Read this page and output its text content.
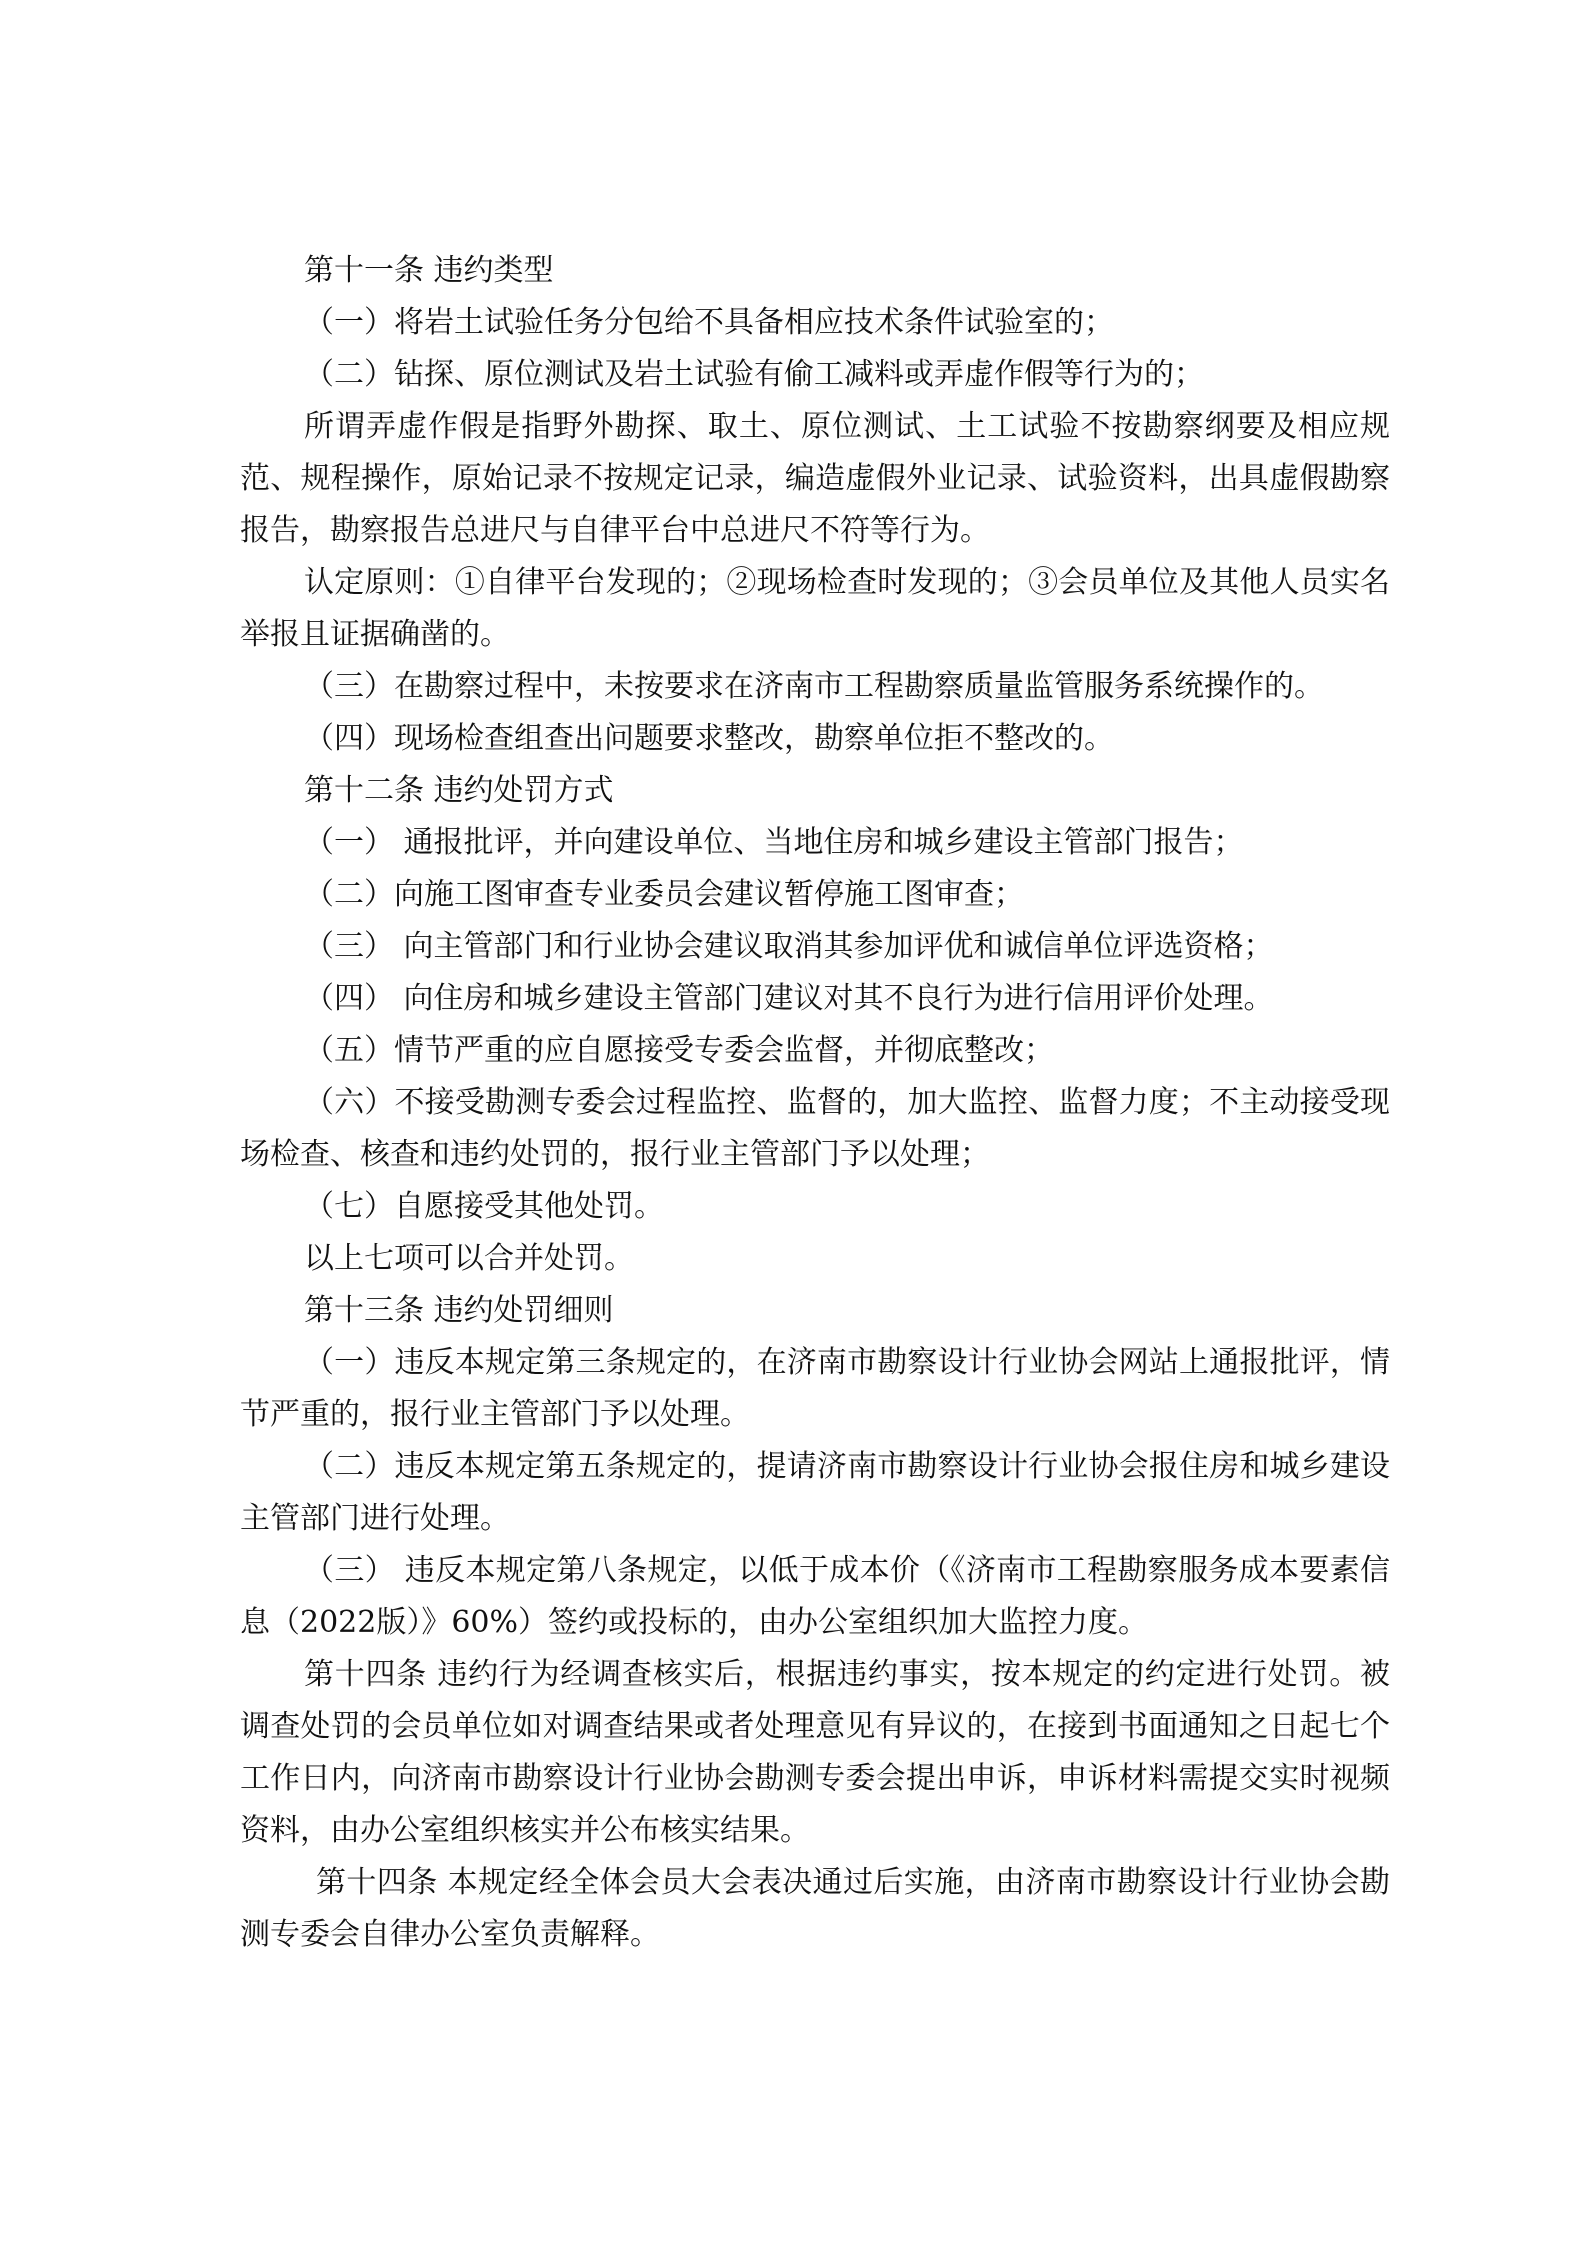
第十一条 违约类型

（一）将岩土试验任务分包给不具备相应技术条件试验室的；

（二）钻探、原位测试及岩土试验有偷工减料或弄虚作假等行为的；

所谓弄虚作假是指野外勘探、取土、原位测试、土工试验不按勘察纲要及相应规范、规程操作，原始记录不按规定记录，编造虚假外业记录、试验资料，出具虚假勘察报告，勘察报告总进尺与自律平台中总进尺不符等行为。

认定原则：①自律平台发现的；②现场检查时发现的；③会员单位及其他人员实名举报且证据确凿的。

（三）在勘察过程中，未按要求在济南市工程勘察质量监管服务系统操作的。

（四）现场检查组查出问题要求整改，勘察单位拒不整改的。

第十二条 违约处罚方式

（一） 通报批评，并向建设单位、当地住房和城乡建设主管部门报告；

（二）向施工图审查专业委员会建议暂停施工图审查；

（三） 向主管部门和行业协会建议取消其参加评优和诚信单位评选资格；

（四） 向住房和城乡建设主管部门建议对其不良行为进行信用评价处理。

（五）情节严重的应自愿接受专委会监督，并彻底整改；

（六）不接受勘测专委会过程监控、监督的，加大监控、监督力度；不主动接受现场检查、核查和违约处罚的，报行业主管部门予以处理；

（七）自愿接受其他处罚。

以上七项可以合并处罚。

第十三条 违约处罚细则

（一）违反本规定第三条规定的，在济南市勘察设计行业协会网站上通报批评，情节严重的，报行业主管部门予以处理。

（二）违反本规定第五条规定的，提请济南市勘察设计行业协会报住房和城乡建设主管部门进行处理。

（三） 违反本规定第八条规定，以低于成本价（《济南市工程勘察服务成本要素信息（2022版）》60%）签约或投标的，由办公室组织加大监控力度。

第十四条 违约行为经调查核实后，根据违约事实，按本规定的约定进行处罚。被调查处罚的会员单位如对调查结果或者处理意见有异议的，在接到书面通知之日起七个工作日内，向济南市勘察设计行业协会勘测专委会提出申诉，申诉材料需提交实时视频资料，由办公室组织核实并公布核实结果。

第十四条 本规定经全体会员大会表决通过后实施，由济南市勘察设计行业协会勘测专委会自律办公室负责解释。
